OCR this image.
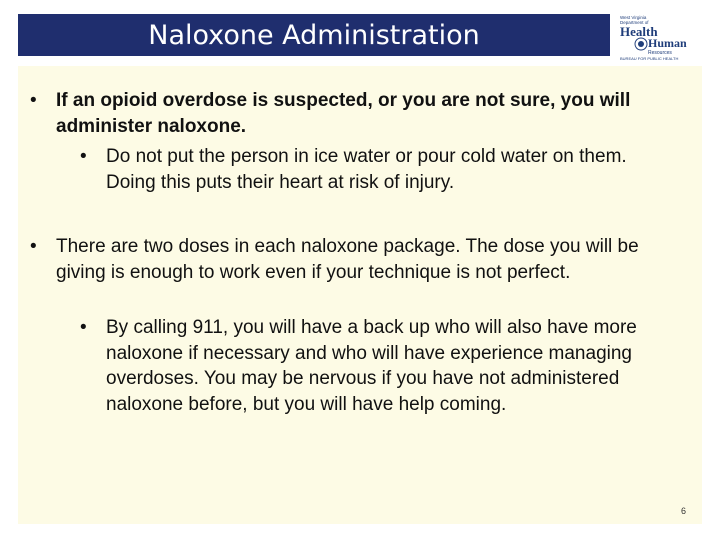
Naloxone Administration
West Virginia
Department of
Health
Human
Resources
BUREAU FOR PUBLIC HEALTH
•	If an opioid overdose is suspected, or you are not sure, you will administer naloxone.
•	Do not put the person in ice water or pour cold water on them. Doing this puts their heart at risk of injury.
•	There are two doses in each naloxone package. The dose you will be giving is enough to work even if your technique is not perfect.
•	By calling 911, you will have a back up who will also have more naloxone if necessary and who will have experience managing overdoses. You may be nervous if you have not administered naloxone before, but you will have help coming.
6
